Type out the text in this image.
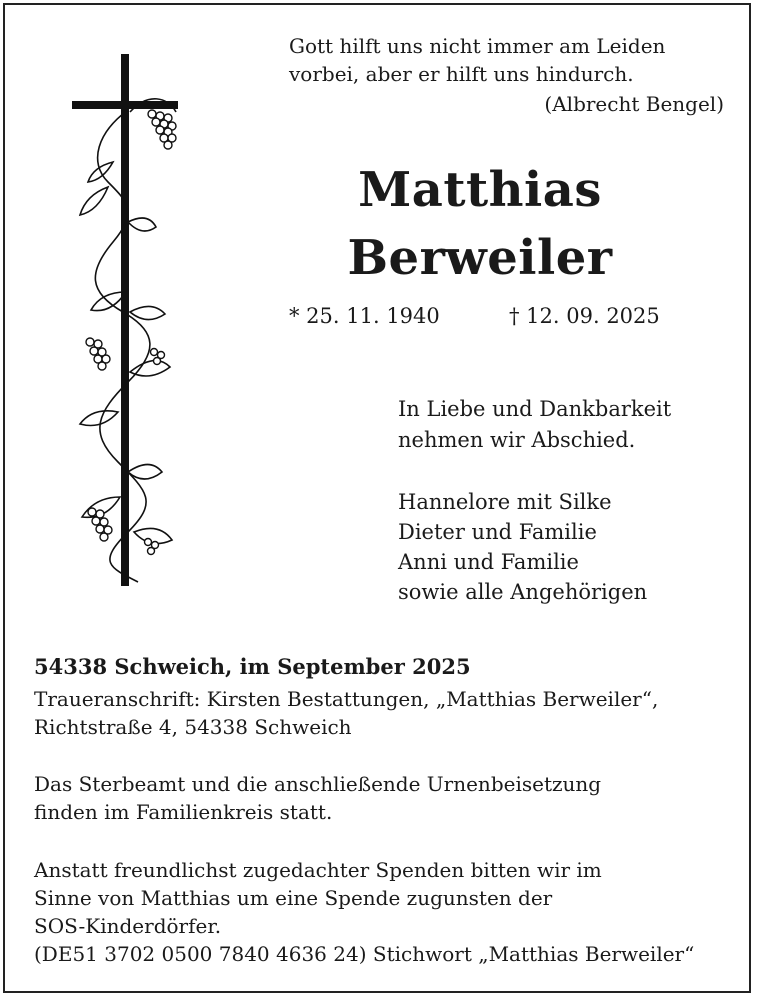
Gott hilft uns nicht immer am Leiden
vorbei, aber er hilft uns hindurch.
(Albrecht Bengel)
Matthias
Berweiler
* 25. 11. 1940	† 12. 09. 2025
In Liebe und Dankbarkeit
nehmen wir Abschied.
Hannelore mit Silke
Dieter und Familie
Anni und Familie
sowie alle Angehörigen
54338 Schweich, im September 2025
Traueranschrift: Kirsten Bestattungen, „Matthias Berweiler“,
Richtstraße 4, 54338 Schweich
Das Sterbeamt und die anschließende Urnenbeisetzung
finden im Familienkreis statt.
Anstatt freundlichst zugedachter Spenden bitten wir im
Sinne von Matthias um eine Spende zugunsten der
SOS-Kinderdörfer.
(DE51 3702 0500 7840 4636 24) Stichwort „Matthias Berweiler“
